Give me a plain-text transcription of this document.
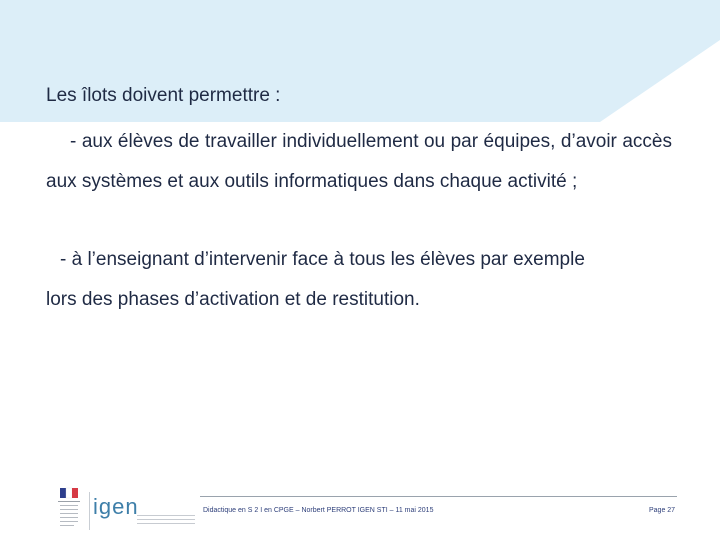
Les îlots doivent permettre :
- aux élèves de travailler individuellement ou par équipes, d’avoir accès aux systèmes et aux outils informatiques dans chaque activité ;
- à l’enseignant d’intervenir face à tous les élèves par exemple
lors des phases d’activation et de restitution.
igen	Didactique en S 2 I en CPGE – Norbert PERROT IGEN STI – 11 mai 2015	Page 27
